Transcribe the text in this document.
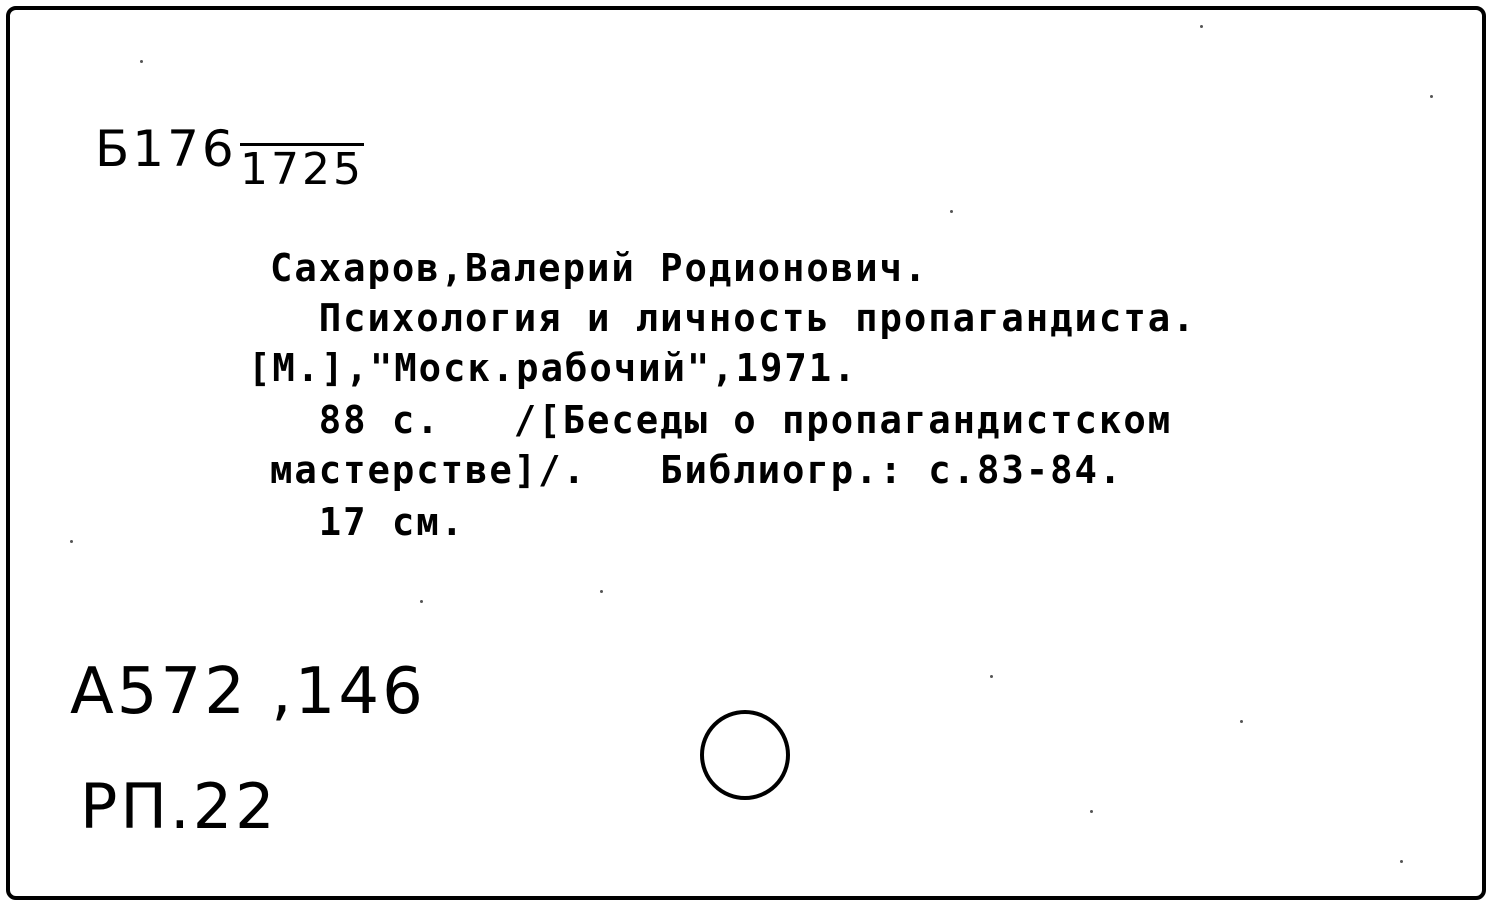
Б176 1725
Сахаров,Валерий Родионович.
Психология и личность пропагандиста.
[М.],"Моск.рабочий",1971.
88 с.   /[Беседы о пропагандистском
мастерстве]/.   Библиогр.: с.83-84.
17 см.
А572 ,146
РП.22
